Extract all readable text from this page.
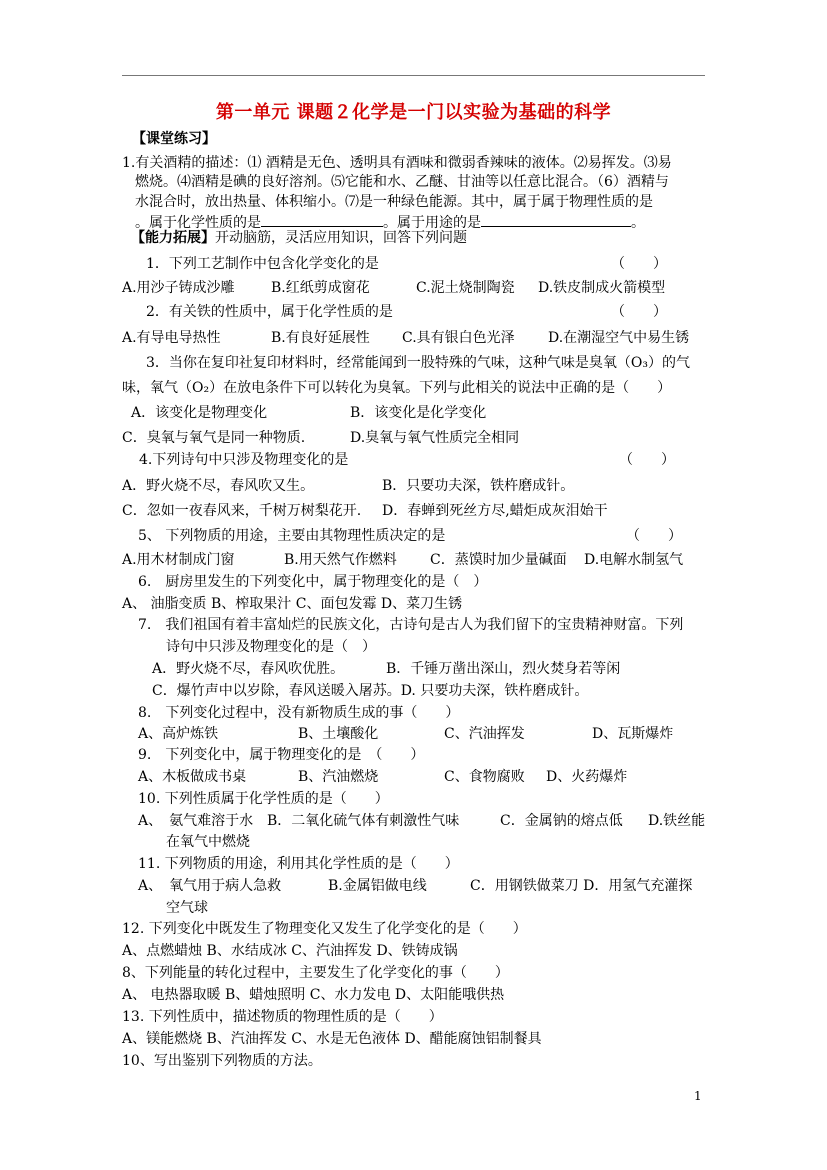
第一单元 课题２化学是一门以实验为基础的科学
【课堂练习】
1.有关酒精的描述：⑴ 酒精是无色、透明具有酒味和微弱香辣味的液体。⑵易挥发。⑶易
燃烧。⑷酒精是碘的良好溶剂。⑸它能和水、乙醚、甘油等以任意比混合。（6）酒精与
水混合时，放出热量、体积缩小。⑺是一种绿色能源。其中，属于属于物理性质的是
。属于化学性质的是	。属于用途的是	。
【能力拓展】开动脑筋，灵活应用知识，回答下列问题
1．下列工艺制作中包含化学变化的是	（　　）
A.用沙子铸成沙雕	B.红纸剪成窗花	C.泥土烧制陶瓷 D.铁皮制成火箭模型
2．有关铁的性质中，属于化学性质的是	（　　）
A.有导电导热性	B.有良好延展性 C.具有银白色光泽 D.在潮湿空气中易生锈
3．当你在复印社复印材料时，经常能闻到一股特殊的气味，这种气味是臭氧（O₃）的气
味，氧气（O₂）在放电条件下可以转化为臭氧。下列与此相关的说法中正确的是（　　）
A．该变化是物理变化	B．该变化是化学变化
C．臭氧与氧气是同一种物质.	D.臭氧与氧气性质完全相同
4.下列诗句中只涉及物理变化的是	（　　）
A．野火烧不尽，春风吹又生。	B．只要功夫深，铁杵磨成针。
C．忽如一夜春风来，千树万树梨花开. D．春蝉到死丝方尽,蜡炬成灰泪始干
5、 下列物质的用途，主要由其物理性质决定的是	（　　）
A.用木材制成门窗	B.用天然气作燃料 C．蒸馍时加少量碱面 D.电解水制氢气
6.　厨房里发生的下列变化中，属于物理变化的是（　）
A、 油脂变质 B、榨取果汁 C、面包发霉 D、菜刀生锈
7.　我们祖国有着丰富灿烂的民族文化，古诗句是古人为我们留下的宝贵精神财富。下列
诗句中只涉及物理变化的是（　）
A．野火烧不尽，春风吹优胜。	B．千锤万凿出深山，烈火焚身若等闲
C．爆竹声中以岁除，春风送暖入屠苏。D. 只要功夫深，铁杵磨成针。
8.　下列变化过程中，没有新物质生成的事（　　）
A、高炉炼铁	B、土壤酸化	C、汽油挥发	D、瓦斯爆炸
9.　下列变化中，属于物理变化的是　（　　）
A、木板做成书桌	B、汽油燃烧	C、食物腐败 D、火药爆炸
10. 下列性质属于化学性质的是（　　）
A、　氨气难溶于水 B．二氧化硫气体有刺激性气味	C．金属钠的熔点低 D.铁丝能
在氧气中燃烧
11. 下列物质的用途，利用其化学性质的是（　　）
A、　氧气用于病人急救	B.金属铝做电线	C．用钢铁做菜刀 D．用氢气充灌探
空气球
12. 下列变化中既发生了物理变化又发生了化学变化的是（　　）
A、点燃蜡烛 B、水结成冰 C、汽油挥发 D、铁铸成锅
8、下列能量的转化过程中，主要发生了化学变化的事（　　）
A、 电热器取暖 B、蜡烛照明 C、水力发电 D、太阳能哦供热
13. 下列性质中，描述物质的物理性质的是（　　）
A、镁能燃烧 B、汽油挥发 C、水是无色液体 D、醋能腐蚀铝制餐具
10、写出鉴别下列物质的方法。
1
